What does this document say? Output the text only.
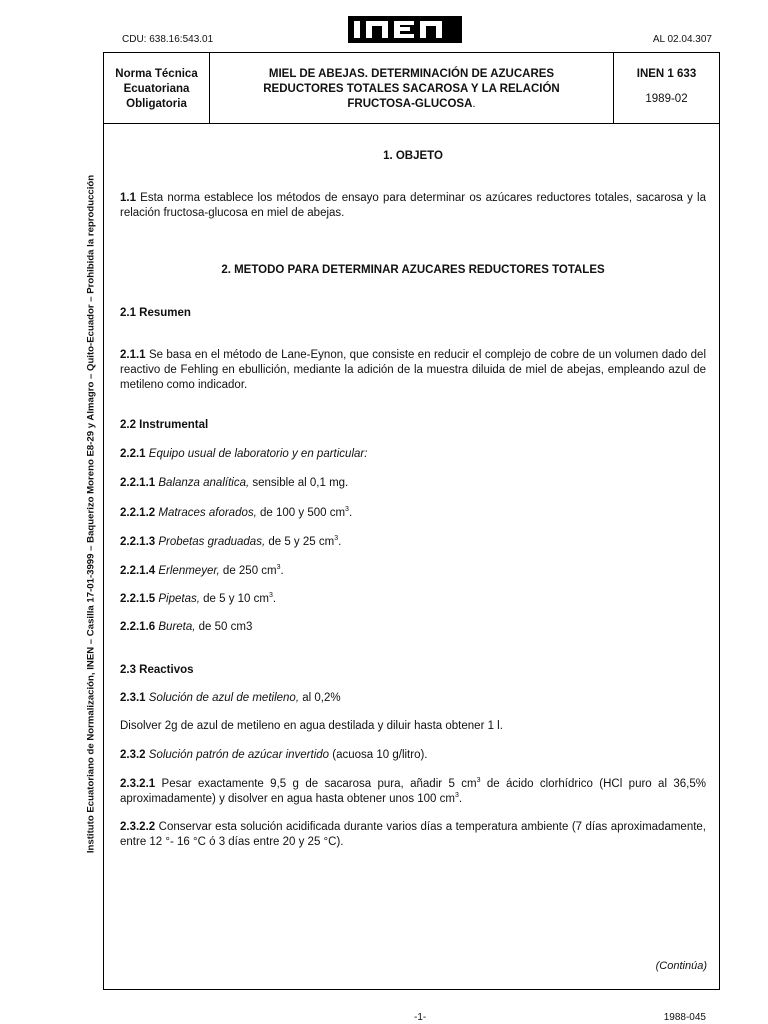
CDU: 638.16:543.01	AL 02.04.307
Instituto Ecuatoriano de Normalización, INEN – Casilla 17-01-3999 – Baquerizo Moreno E8-29 y Almagro – Quito-Ecuador – Prohibida la reproducción
Norma Técnica
Ecuatoriana
Obligatoria
MIEL DE ABEJAS. DETERMINACIÓN DE AZUCARES
REDUCTORES TOTALES SACAROSA Y LA RELACIÓN
FRUCTOSA-GLUCOSA.
INEN 1 633
1989-02

1. OBJETO

1.1 Esta norma establece los métodos de ensayo para determinar os azúcares reductores totales, sacarosa y la relación fructosa-glucosa en miel de abejas.

2. METODO PARA DETERMINAR AZUCARES REDUCTORES TOTALES

2.1 Resumen

2.1.1 Se basa en el método de Lane-Eynon, que consiste en reducir el complejo de cobre de un volumen dado del reactivo de Fehling en ebullición, mediante la adición de la muestra diluida de miel de abejas, empleando azul de metileno como indicador.

2.2 Instrumental

2.2.1 Equipo usual de laboratorio y en particular:

2.2.1.1 Balanza analítica, sensible al 0,1 mg.

2.2.1.2 Matraces aforados, de 100 y 500 $cm^3$.

2.2.1.3 Probetas graduadas, de 5 y 25 $cm^3$.

2.2.1.4 Erlenmeyer, de 250 $cm^3$.

2.2.1.5 Pipetas, de 5 y 10 $cm^3$.

2.2.1.6 Bureta, de 50 cm3

2.3 Reactivos

2.3.1 Solución de azul de metileno, al 0,2%

Disolver 2g de azul de metileno en agua destilada y diluir hasta obtener 1 l.

2.3.2 Solución patrón de azúcar invertido (acuosa 10 g/litro).

2.3.2.1 Pesar exactamente 9,5 g de sacarosa pura, añadir 5 $cm^3$ de ácido clorhídrico (HCl puro al 36,5% aproximadamente) y disolver en agua hasta obtener unos 100 $cm^3$.

2.3.2.2 Conservar esta solución acidificada durante varios días a temperatura ambiente (7 días aproximadamente, entre 12 °- 16 °C ó 3 días entre 20 y 25 °C).

(Continúa)
-1-	1988-045
